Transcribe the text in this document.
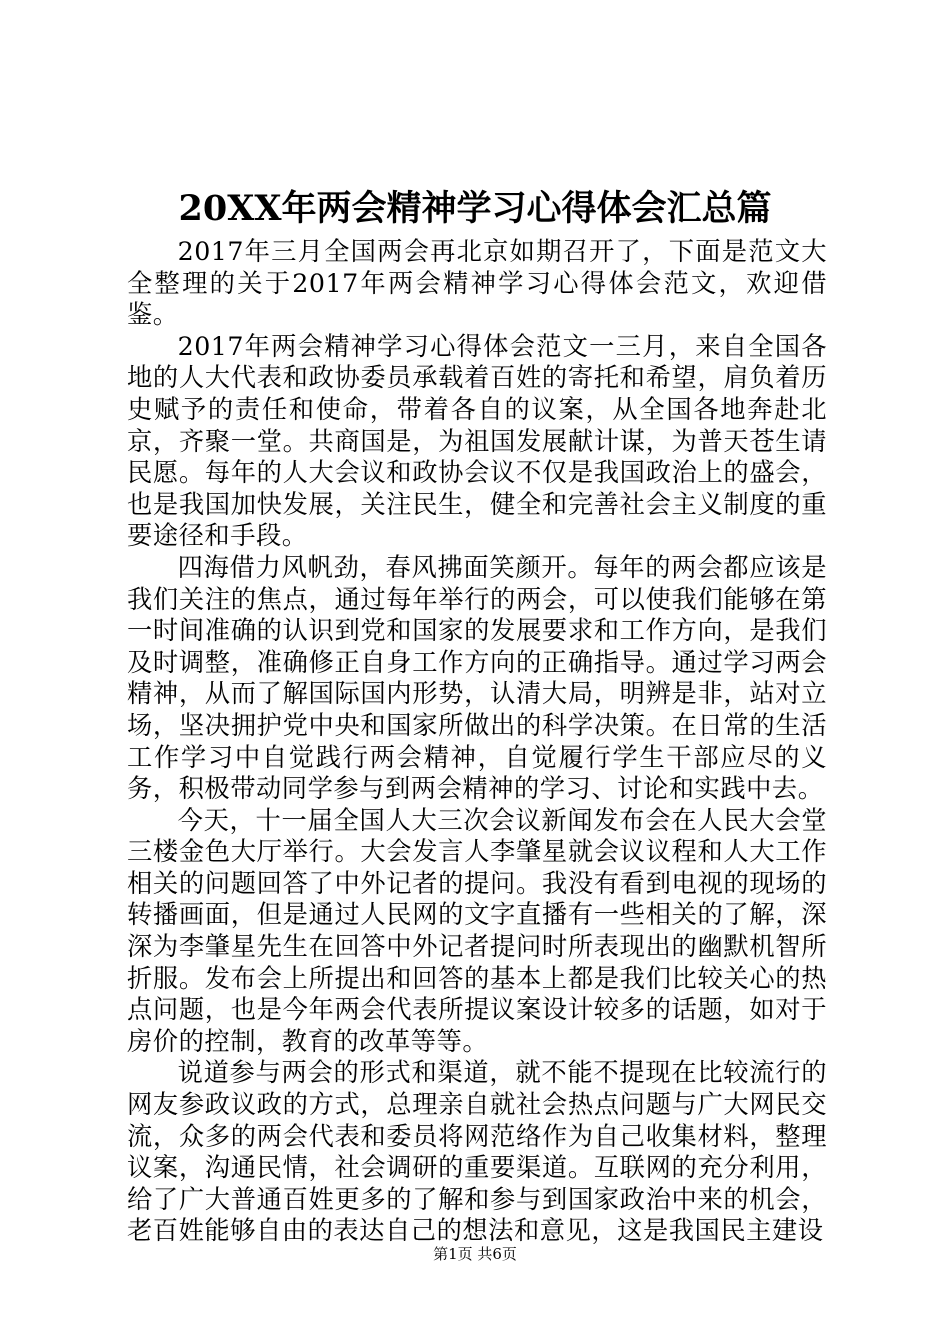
20XX年两会精神学习心得体会汇总篇

2017年三月全国两会再北京如期召开了，下面是范文大全整理的关于2017年两会精神学习心得体会范文，欢迎借鉴。

2017年两会精神学习心得体会范文一三月，来自全国各地的人大代表和政协委员承载着百姓的寄托和希望，肩负着历史赋予的责任和使命，带着各自的议案，从全国各地奔赴北京，齐聚一堂。共商国是，为祖国发展献计谋，为普天苍生请民愿。每年的人大会议和政协会议不仅是我国政治上的盛会，也是我国加快发展，关注民生，健全和完善社会主义制度的重要途径和手段。

四海借力风帆劲，春风拂面笑颜开。每年的两会都应该是我们关注的焦点，通过每年举行的两会，可以使我们能够在第一时间准确的认识到党和国家的发展要求和工作方向，是我们及时调整，准确修正自身工作方向的正确指导。通过学习两会精神，从而了解国际国内形势，认清大局，明辨是非，站对立场，坚决拥护党中央和国家所做出的科学决策。在日常的生活工作学习中自觉践行两会精神，自觉履行学生干部应尽的义务，积极带动同学参与到两会精神的学习、讨论和实践中去。

今天，十一届全国人大三次会议新闻发布会在人民大会堂三楼金色大厅举行。大会发言人李肇星就会议议程和人大工作相关的问题回答了中外记者的提问。我没有看到电视的现场的转播画面，但是通过人民网的文字直播有一些相关的了解，深深为李肇星先生在回答中外记者提问时所表现出的幽默机智所折服。发布会上所提出和回答的基本上都是我们比较关心的热点问题，也是今年两会代表所提议案设计较多的话题，如对于房价的控制，教育的改革等等。

说道参与两会的形式和渠道，就不能不提现在比较流行的网友参政议政的方式，总理亲自就社会热点问题与广大网民交流，众多的两会代表和委员将网范络作为自己收集材料，整理议案，沟通民情，社会调研的重要渠道。互联网的充分利用，给了广大普通百姓更多的了解和参与到国家政治中来的机会，老百姓能够自由的表达自己的想法和意见，这是我国民主建设

第1页 共6页
